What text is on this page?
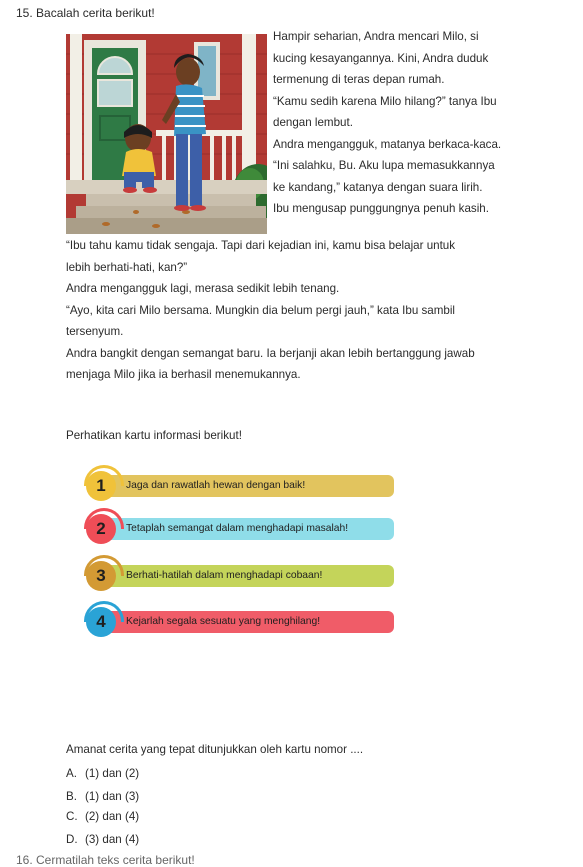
15. Bacalah cerita berikut!
Hampir seharian, Andra mencari Milo, si
kucing kesayangannya. Kini, Andra duduk
termenung di teras depan rumah.
“Kamu sedih karena Milo hilang?” tanya Ibu
dengan lembut.
Andra mengangguk, matanya berkaca-kaca.
“Ini salahku, Bu. Aku lupa memasukkannya
ke kandang,” katanya dengan suara lirih.
Ibu mengusap punggungnya penuh kasih.
“Ibu tahu kamu tidak sengaja. Tapi dari kejadian ini, kamu bisa belajar untuk
lebih berhati-hati, kan?”
Andra mengangguk lagi, merasa sedikit lebih tenang.
“Ayo, kita cari Milo bersama. Mungkin dia belum pergi jauh,” kata Ibu sambil
tersenyum.
Andra bangkit dengan semangat baru. Ia berjanji akan lebih bertanggung jawab
menjaga Milo jika ia berhasil menemukannya.
Perhatikan kartu informasi berikut!
1	Jaga dan rawatlah hewan dengan baik!
2	Tetaplah semangat dalam menghadapi masalah!
3	Berhati-hatilah dalam menghadapi cobaan!
4	Kejarlah segala sesuatu yang menghilang!
Amanat cerita yang tepat ditunjukkan oleh kartu nomor ....
A. (1) dan (2)
B. (1) dan (3)
C. (2) dan (4)
D. (3) dan (4)
16. Cermatilah teks cerita berikut!
